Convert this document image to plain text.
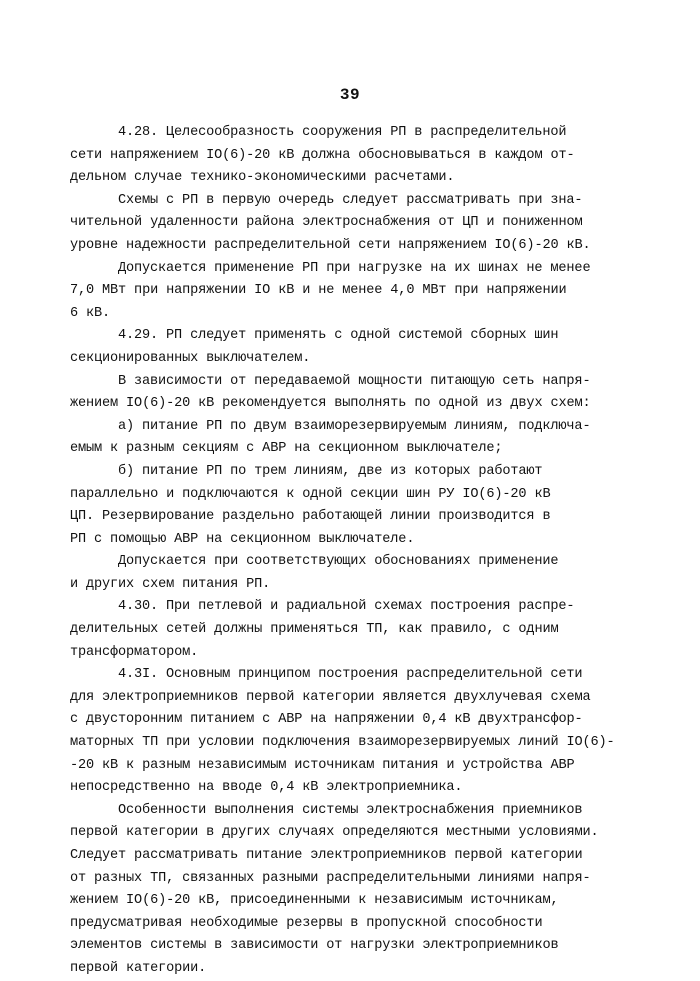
39
4.28. Целесообразность сооружения РП в распределительной
сети напряжением IO(6)-20 кВ должна обосновываться в каждом от-
дельном случае технико-экономическими расчетами.
Схемы с РП в первую очередь следует рассматривать при зна-
чительной удаленности района электроснабжения от ЦП и пониженном
уровне надежности распределительной сети напряжением IO(6)-20 кВ.
Допускается применение РП при нагрузке на их шинах не менее
7,0 МВт при напряжении IO кВ и не менее 4,0 МВт при напряжении
6 кВ.
4.29. РП следует применять с одной системой сборных шин
секционированных выключателем.
В зависимости от передаваемой мощности питающую сеть напря-
жением IO(6)-20 кВ рекомендуется выполнять по одной из двух схем:
а) питание РП по двум взаиморезервируемым линиям, подключа-
емым к разным секциям с АВР на секционном выключателе;
б) питание РП по трем линиям, две из которых работают
параллельно и подключаются к одной секции шин РУ IO(6)-20 кВ
ЦП. Резервирование раздельно работающей линии производится в
РП с помощью АВР на секционном выключателе.
Допускается при соответствующих обоснованиях применение
и других схем питания РП.
4.30. При петлевой и радиальной схемах построения распре-
делительных сетей должны применяться ТП, как правило, с одним
трансформатором.
4.3I. Основным принципом построения распределительной сети
для электроприемников первой категории является двухлучевая схема
с двусторонним питанием с АВР на напряжении 0,4 кВ двухтрансфор-
маторных ТП при условии подключения взаиморезервируемых линий IO(6)-
-20 кВ к разным независимым источникам питания и устройства АВР
непосредственно на вводе 0,4 кВ электроприемника.
Особенности выполнения системы электроснабжения приемников
первой категории в других случаях определяются местными условиями.
Следует рассматривать питание электроприемников первой категории
от разных ТП, связанных разными распределительными линиями напря-
жением IO(6)-20 кВ, присоединенными к независимым источникам,
предусматривая необходимые резервы в пропускной способности
элементов системы в зависимости от нагрузки электроприемников
первой категории.
